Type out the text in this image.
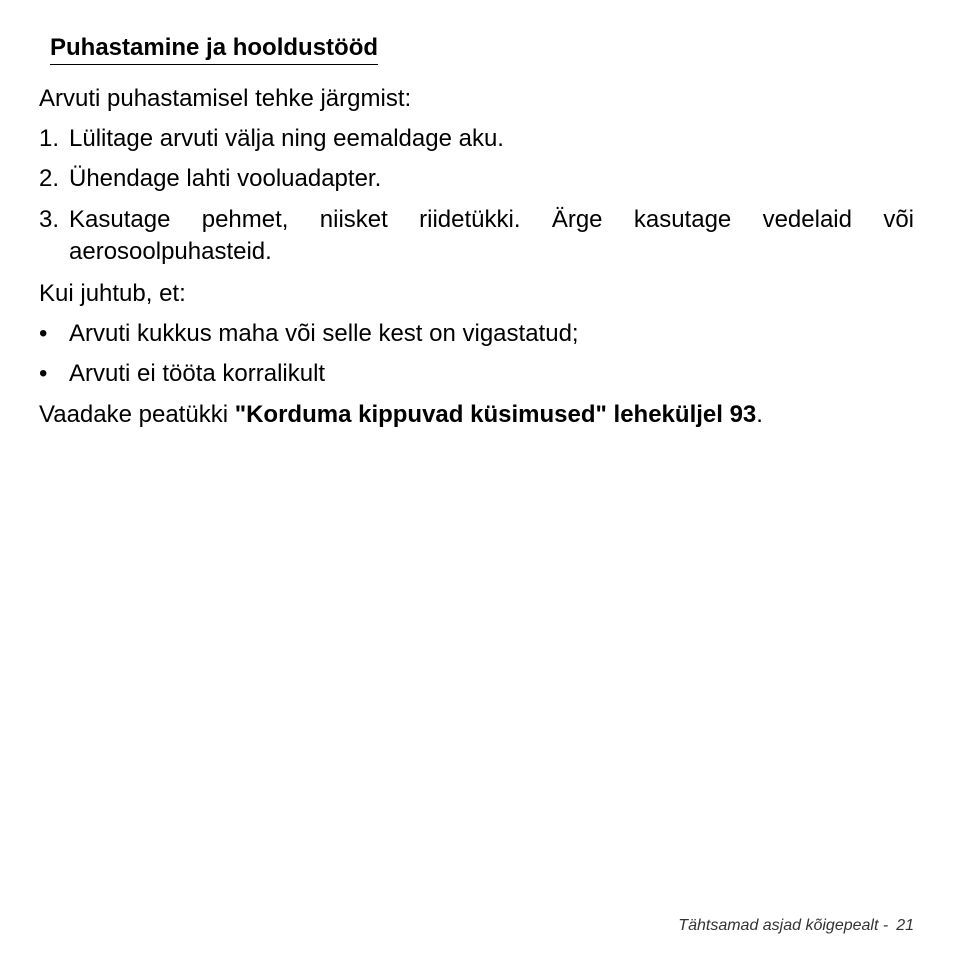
Puhastamine ja hooldustööd
Arvuti puhastamisel tehke järgmist:
1. Lülitage arvuti välja ning eemaldage aku.
2. Ühendage lahti vooluadapter.
3. Kasutage pehmet, niisket riidetükki. Ärge kasutage vedelaid või
aerosoolpuhasteid.
Kui juhtub, et:
• Arvuti kukkus maha või selle kest on vigastatud;
• Arvuti ei tööta korralikult
Vaadake peatükki "Korduma kippuvad küsimused" leheküljel 93.
Tähtsamad asjad kõigepealt - 21
